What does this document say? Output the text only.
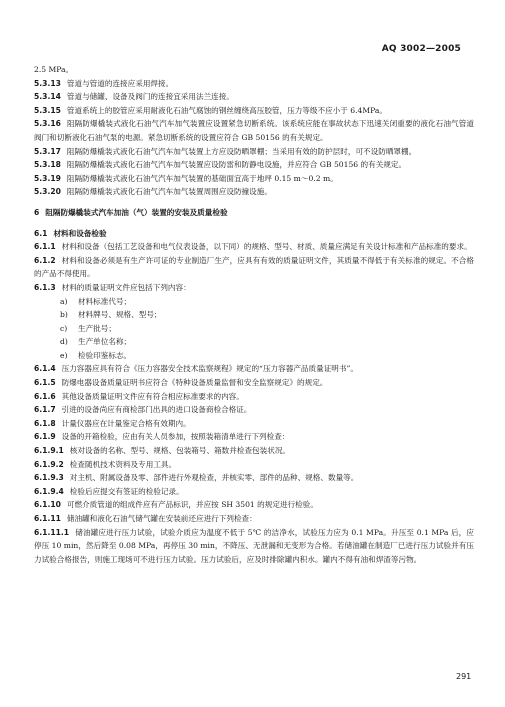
AQ 3002—2005

2.5 MPa。

5.3.13 管道与管道的连接应采用焊接。

5.3.14 管道与储罐、设备及阀门的连接宜采用法兰连接。

5.3.15 管道系统上的胶管应采用耐液化石油气腐蚀的钢丝缠绕高压胶管，压力等级不应小于 6.4MPa。

5.3.16 阻隔防爆橇装式液化石油气汽车加气装置应设置紧急切断系统。该系统应能在事故状态下迅速关闭重要的液化石油气管道阀门和切断液化石油气泵的电源。紧急切断系统的设置应符合 GB 50156 的有关规定。

5.3.17 阻隔防爆橇装式液化石油气汽车加气装置上方应设防晒罩棚；当采用有效的防护层时，可不设防晒罩棚。

5.3.18 阻隔防爆橇装式液化石油气汽车加气装置应设防雷和防静电设施，并应符合 GB 50156 的有关规定。

5.3.19 阻隔防爆橇装式液化石油气汽车加气装置的基础面宜高于地坪 0.15 m～0.2 m。

5.3.20 阻隔防爆橇装式液化石油气汽车加气装置周围应设防撞设施。

6 阻隔防爆橇装式汽车加油（气）装置的安装及质量检验

6.1 材料和设备检验

6.1.1 材料和设备（包括工艺设备和电气仪表设备，以下同）的规格、型号、材质、质量应满足有关设计标准和产品标准的要求。

6.1.2 材料和设备必须是有生产许可证的专业制造厂生产，应具有有效的质量证明文件，其质量不得低于有关标准的规定。不合格的产品不得使用。

6.1.3 材料的质量证明文件应包括下列内容：

a) 材料标准代号；

b) 材料牌号、规格、型号；

c) 生产批号；

d) 生产单位名称；

e) 检验印鉴标志。

6.1.4 压力容器应具有符合《压力容器安全技术监察规程》规定的“压力容器产品质量证明书”。

6.1.5 防爆电器设备质量证明书应符合《特种设备质量监督和安全监察规定》的规定。

6.1.6 其他设备质量证明文件应有符合相应标准要求的内容。

6.1.7 引进的设备尚应有商检部门出具的进口设备商检合格证。

6.1.8 计量仪器应在计量鉴定合格有效期内。

6.1.9 设备的开箱检验，应由有关人员参加，按照装箱清单进行下列检查：

6.1.9.1 核对设备的名称、型号、规格、包装箱号、箱数并检查包装状况。

6.1.9.2 检查随机技术资料及专用工具。

6.1.9.3 对主机、附属设备及零、部件进行外观检查，并核实零、部件的品种、规格、数量等。

6.1.9.4 检验后应提交有签证的检验记录。

6.1.10 可燃介质管道的组成件应有产品标识，并应按 SH 3501 的规定进行检验。

6.1.11 储油罐和液化石油气储气罐在安装前还应进行下列检查：

6.1.11.1 储油罐应进行压力试验，试验介质应为温度不低于 5℃ 的洁净水，试验压力应为 0.1 MPa。升压至 0.1 MPa 后，应停压 10 min，然后降至 0.08 MPa，再停压 30 min，不降压、无泄漏和无变形为合格。若储油罐在制造厂已进行压力试验并有压力试验合格报告，则施工现场可不进行压力试验。压力试验后，应及时排除罐内积水。罐内不得有油和焊渣等污物。

291
